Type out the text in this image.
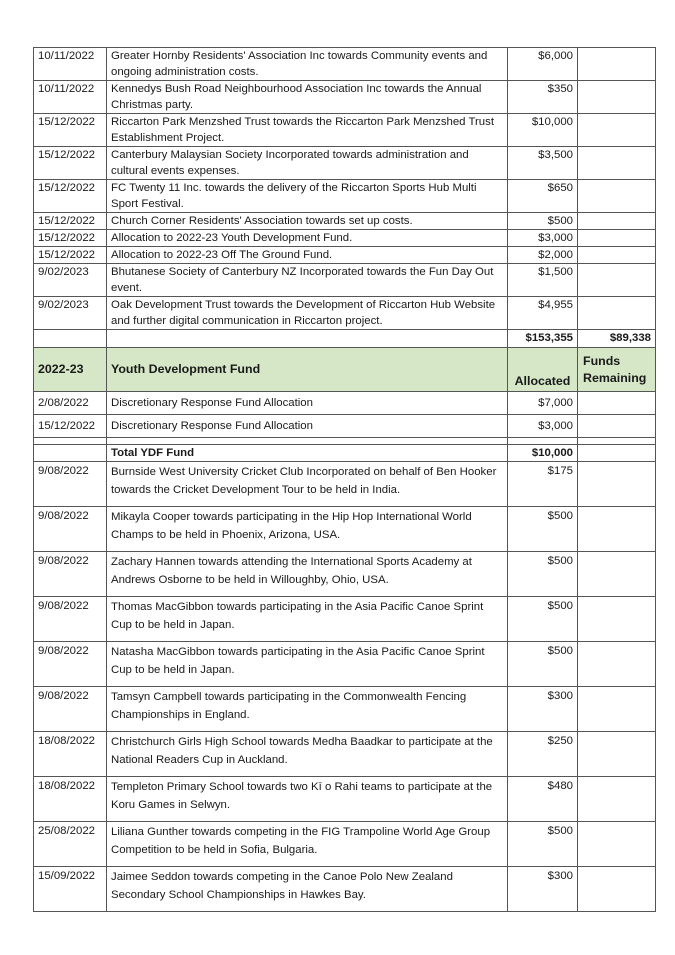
10/11/2022	Greater Hornby Residents' Association Inc towards Community events and ongoing administration costs.	$6,000	
10/11/2022	Kennedys Bush Road Neighbourhood Association Inc towards the Annual Christmas party.	$350	
15/12/2022	Riccarton Park Menzshed Trust towards the Riccarton Park Menzshed Trust Establishment Project.	$10,000	
15/12/2022	Canterbury Malaysian Society Incorporated towards administration and cultural events expenses.	$3,500	
15/12/2022	FC Twenty 11 Inc. towards the delivery of the Riccarton Sports Hub Multi Sport Festival.	$650	
15/12/2022	Church Corner Residents' Association towards set up costs.	$500	
15/12/2022	Allocation to 2022-23 Youth Development Fund.	$3,000	
15/12/2022	Allocation to 2022-23 Off The Ground Fund.	$2,000	
9/02/2023	Bhutanese Society of Canterbury NZ Incorporated towards the Fun Day Out event.	$1,500	
9/02/2023	Oak Development Trust towards the Development of Riccarton Hub Website and further digital communication in Riccarton project.	$4,955	
		$153,355	$89,338
2022-23	Youth Development Fund	Allocated	Funds Remaining
2/08/2022	Discretionary Response Fund Allocation	$7,000	
15/12/2022	Discretionary Response Fund Allocation	$3,000	

	Total YDF Fund	$10,000	
9/08/2022	Burnside West University Cricket Club Incorporated on behalf of Ben Hooker towards the Cricket Development Tour to be held in India.	$175	
9/08/2022	Mikayla Cooper towards participating in the Hip Hop International World Champs to be held in Phoenix, Arizona, USA.	$500	
9/08/2022	Zachary Hannen towards attending the International Sports Academy at Andrews Osborne to be held in Willoughby, Ohio, USA.	$500	
9/08/2022	Thomas MacGibbon towards participating in the Asia Pacific Canoe Sprint Cup to be held in Japan.	$500	
9/08/2022	Natasha MacGibbon towards participating in the Asia Pacific Canoe Sprint Cup to be held in Japan.	$500	
9/08/2022	Tamsyn Campbell towards participating in the Commonwealth Fencing Championships in England.	$300	
18/08/2022	Christchurch Girls High School towards Medha Baadkar to participate at the National Readers Cup in Auckland.	$250	
18/08/2022	Templeton Primary School towards two Kī o Rahi teams to participate at the Koru Games in Selwyn.	$480	
25/08/2022	Liliana Gunther towards competing in the FIG Trampoline World Age Group Competition to be held in Sofia, Bulgaria.	$500	
15/09/2022	Jaimee Seddon towards competing in the Canoe Polo New Zealand Secondary School Championships in Hawkes Bay.	$300	
